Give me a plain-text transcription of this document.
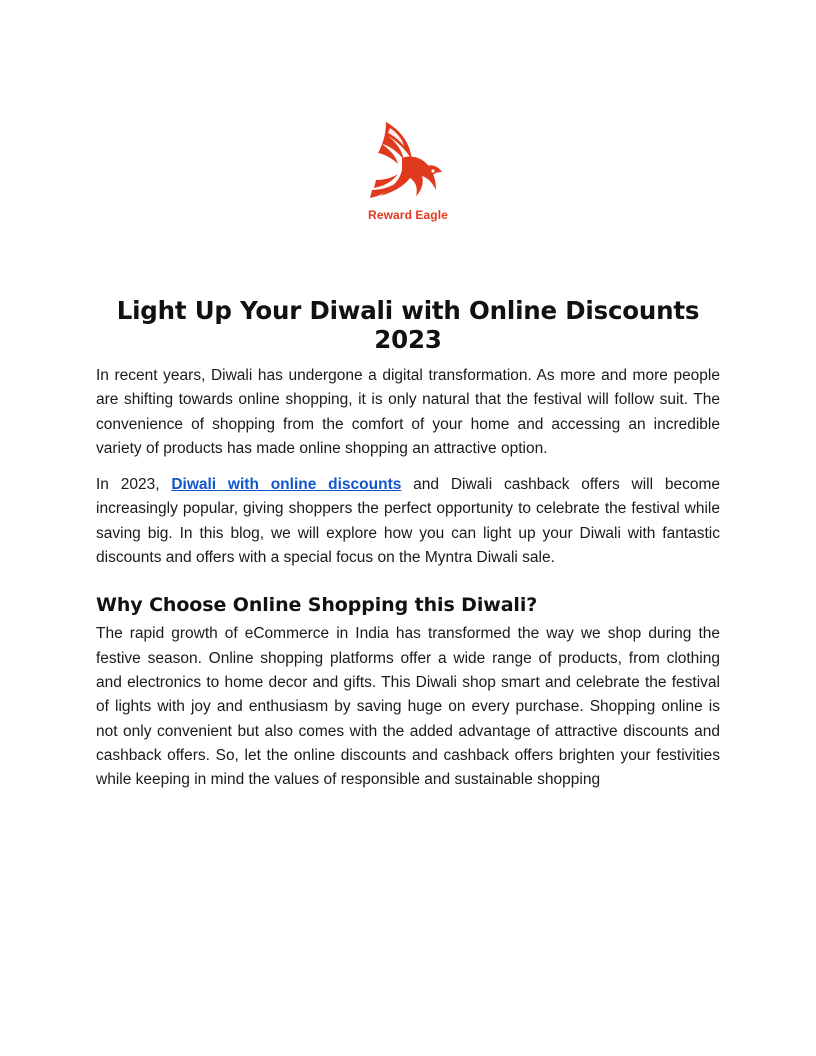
Reward Eagle
Light Up Your Diwali with Online Discounts 2023

In recent years, Diwali has undergone a digital transformation. As more and more people are shifting towards online shopping, it is only natural that the festival will follow suit. The convenience of shopping from the comfort of your home and accessing an incredible variety of products has made online shopping an attractive option.

In 2023, Diwali with online discounts and Diwali cashback offers will become increasingly popular, giving shoppers the perfect opportunity to celebrate the festival while saving big. In this blog, we will explore how you can light up your Diwali with fantastic discounts and offers with a special focus on the Myntra Diwali sale.

Why Choose Online Shopping this Diwali?

The rapid growth of eCommerce in India has transformed the way we shop during the festive season. Online shopping platforms offer a wide range of products, from clothing and electronics to home decor and gifts. This Diwali shop smart and celebrate the festival of lights with joy and enthusiasm by saving huge on every purchase. Shopping online is not only convenient but also comes with the added advantage of attractive discounts and cashback offers. So, let the online discounts and cashback offers brighten your festivities while keeping in mind the values of responsible and sustainable shopping
